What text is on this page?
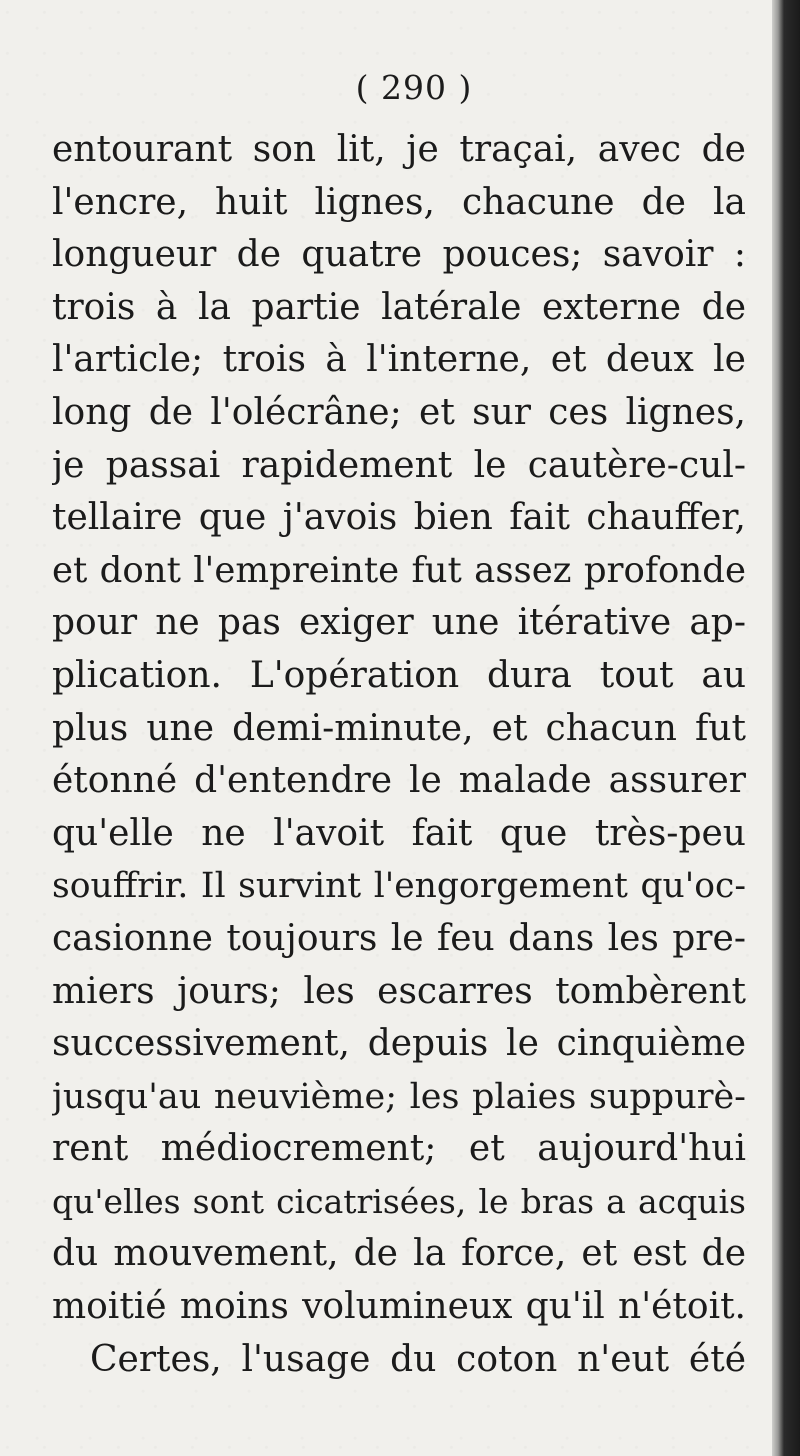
( 290 )
entourant son lit, je traçai, avec de
l'encre, huit lignes, chacune de la
longueur de quatre pouces; savoir :
trois à la partie latérale externe de
l'article; trois à l'interne, et deux le
long de l'olécrâne; et sur ces lignes,
je passai rapidement le cautère-cul-
tellaire que j'avois bien fait chauffer,
et dont l'empreinte fut assez profonde
pour ne pas exiger une itérative ap-
plication. L'opération dura tout au
plus une demi-minute, et chacun fut
étonné d'entendre le malade assurer
qu'elle ne l'avoit fait que très-peu
souffrir. Il survint l'engorgement qu'oc-
casionne toujours le feu dans les pre-
miers jours; les escarres tombèrent
successivement, depuis le cinquième
jusqu'au neuvième; les plaies suppurè-
rent médiocrement; et aujourd'hui
qu'elles sont cicatrisées, le bras a acquis
du mouvement, de la force, et est de
moitié moins volumineux qu'il n'étoit.
Certes, l'usage du coton n'eut été
